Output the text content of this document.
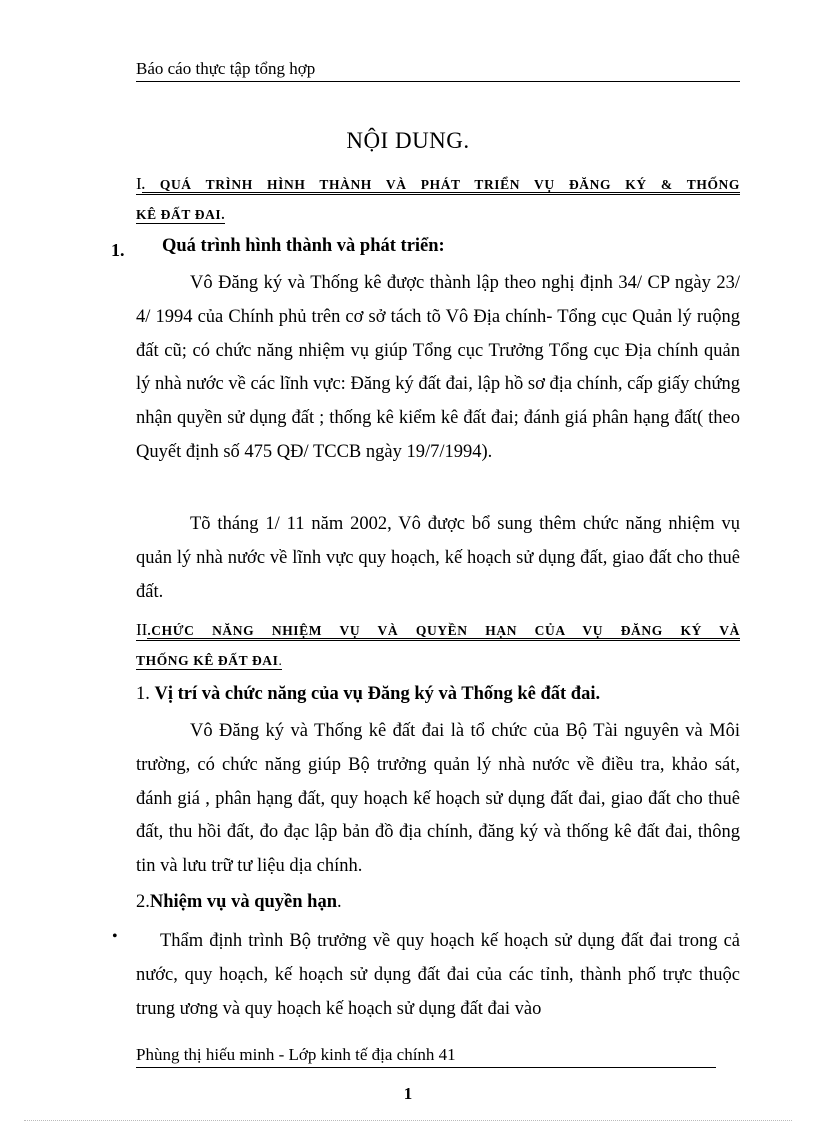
Báo cáo thực tập tổng hợp
NỘI DUNG.
I. QUÁ TRÌNH HÌNH THÀNH VÀ PHÁT TRIỂN VỤ ĐĂNG KÝ & THỐNG
KÊ ĐẤT ĐAI.
1. Quá trình hình thành và phát triển:
Vô Đăng ký và Thống kê được thành lập theo nghị định 34/ CP ngày 23/ 4/ 1994 của Chính phủ trên cơ sở tách tõ Vô Địa chính- Tổng cục Quản lý ruộng đất cũ; có chức năng nhiệm vụ giúp Tổng cục Trưởng Tổng cục Địa chính quản lý nhà nước về các lĩnh vực: Đăng ký đất đai, lập hồ sơ địa chính, cấp giấy chứng nhận quyền sử dụng đất ; thống kê kiểm kê đất đai; đánh giá phân hạng đất( theo Quyết định số 475 QĐ/ TCCB ngày 19/7/1994).
Tõ tháng 1/ 11 năm 2002, Vô được bổ sung thêm chức năng nhiệm vụ quản lý nhà nước về lĩnh vực quy hoạch, kế hoạch sử dụng đất, giao đất cho thuê đất.
II.CHỨC NĂNG NHIỆM VỤ VÀ QUYỀN HẠN CỦA VỤ ĐĂNG KÝ VÀ
THỐNG KÊ ĐẤT ĐAI.
1. Vị trí và chức năng của vụ Đăng ký và Thống kê đất đai.
Vô Đăng ký và Thống kê đất đai là tổ chức của Bộ Tài nguyên và Môi trường, có chức năng giúp Bộ trưởng quản lý nhà nước về điều tra, khảo sát, đánh giá , phân hạng đất, quy hoạch kế hoạch sử dụng đất đai, giao đất cho thuê đất, thu hồi đất, đo đạc lập bản đồ địa chính, đăng ký và thống kê đất đai, thông tin và lưu trữ tư liệu dịa chính.
2.Nhiệm vụ và quyền hạn.
•	Thẩm định trình Bộ trưởng về quy hoạch kế hoạch sử dụng đất đai trong cả nước, quy hoạch, kế hoạch sử dụng đất đai của các tỉnh, thành phố trực thuộc trung ương và quy hoạch kế hoạch sử dụng đất đai vào
Phùng thị hiếu minh - Lớp kinh tế địa chính 41
1
